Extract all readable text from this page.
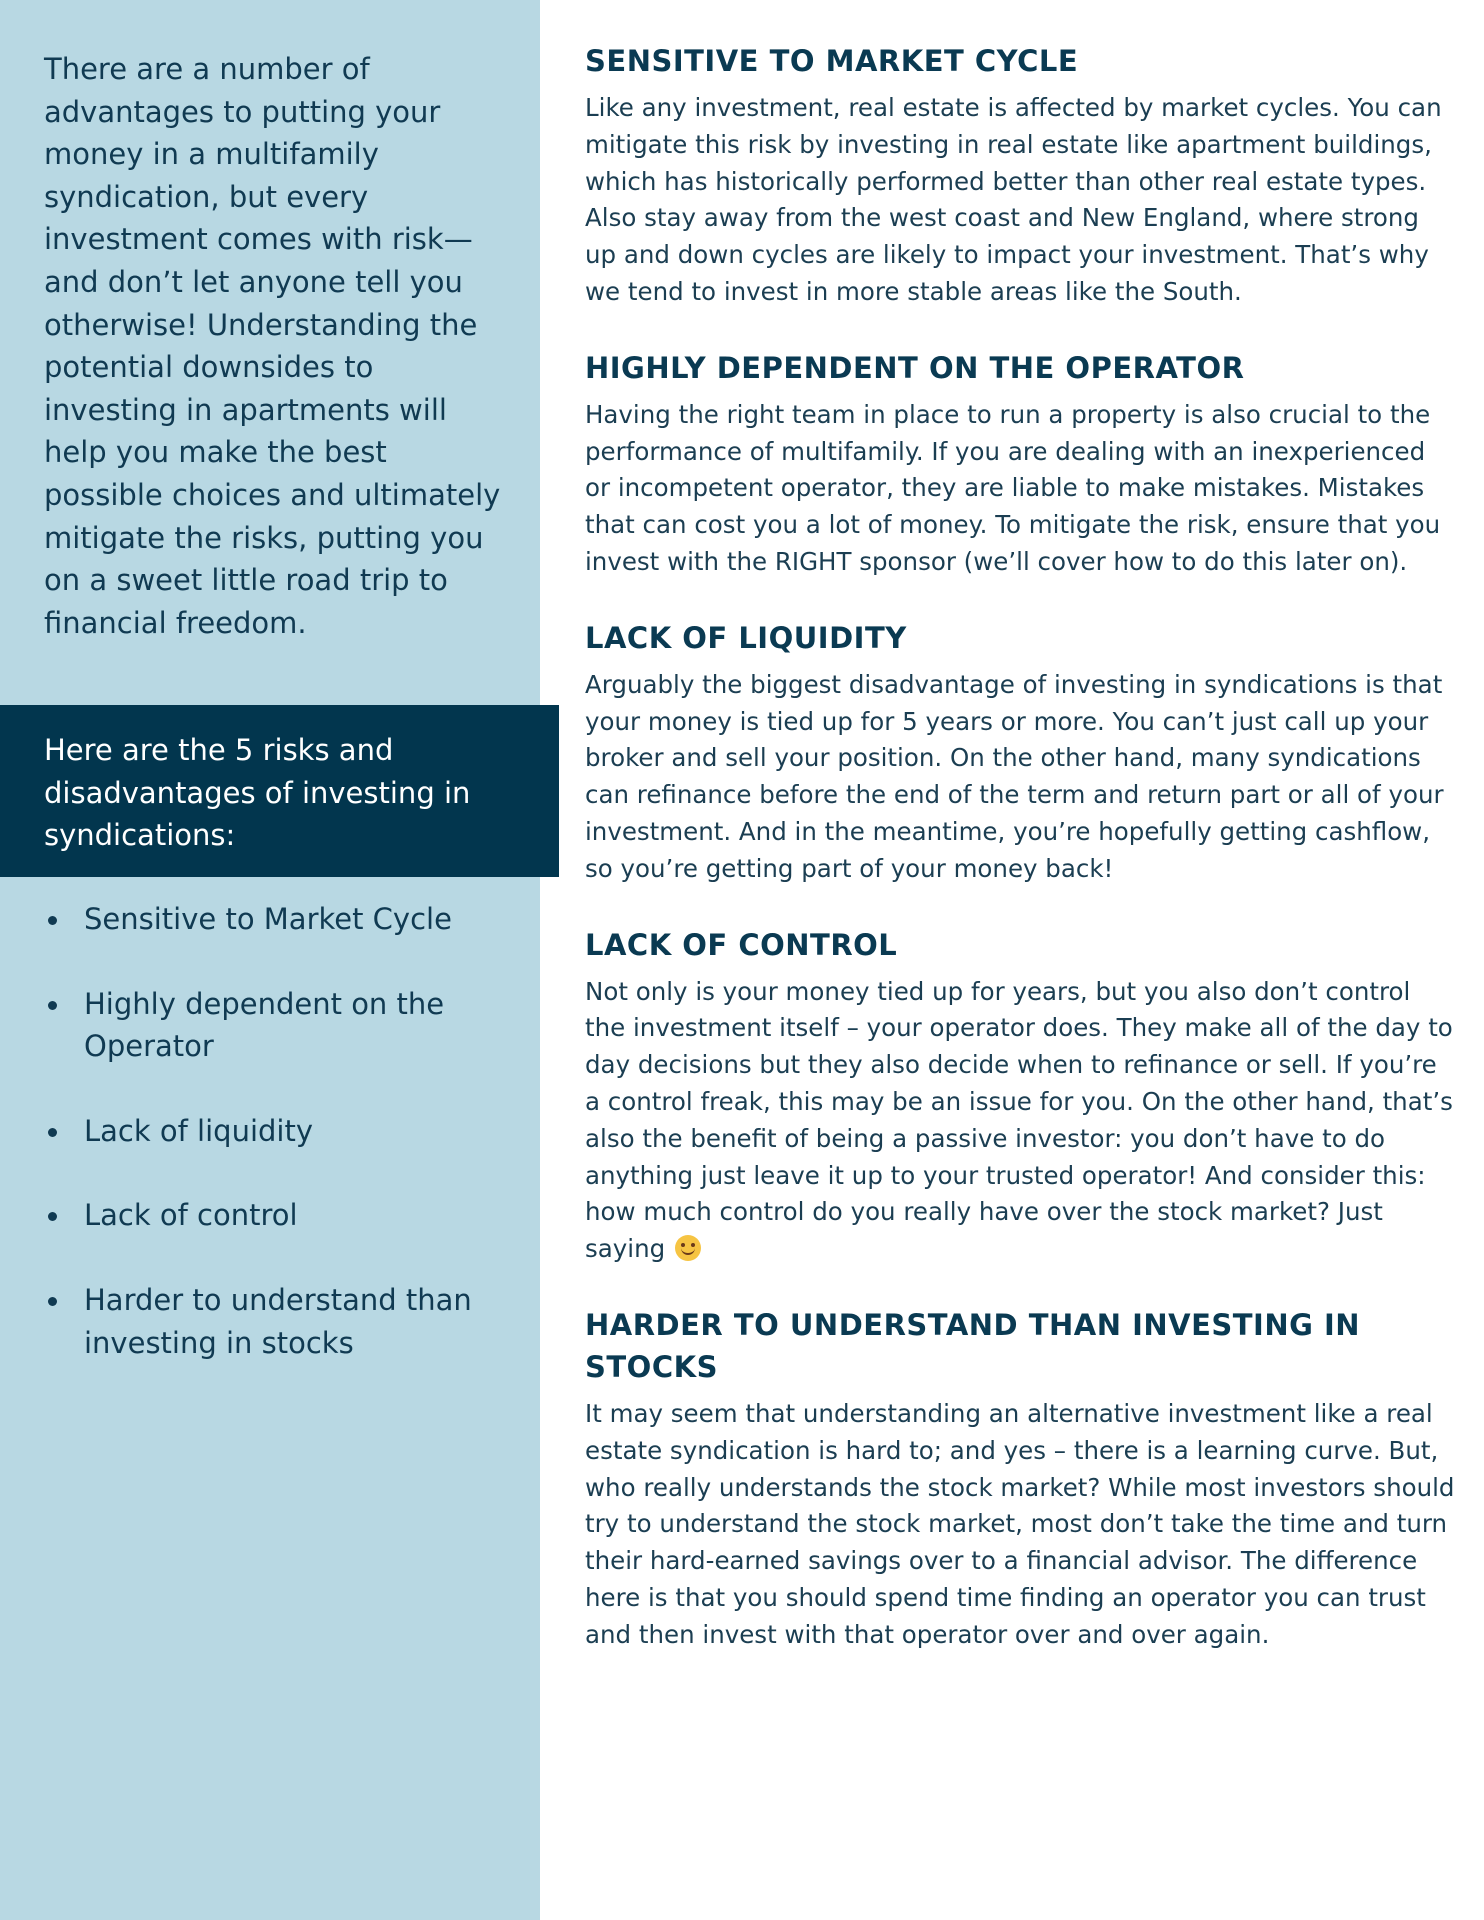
There are a number of advantages to putting your money in a multifamily syndication, but every investment comes with risk—and don’t let anyone tell you otherwise! Understanding the potential downsides to investing in apartments will help you make the best possible choices and ultimately mitigate the risks, putting you on a sweet little road trip to financial freedom.

Here are the 5 risks and disadvantages of investing in syndications:
Sensitive to Market Cycle
Highly dependent on the Operator
Lack of liquidity
Lack of control
Harder to understand than investing in stocks
SENSITIVE TO MARKET CYCLE

Like any investment, real estate is affected by market cycles. You can mitigate this risk by investing in real estate like apartment buildings, which has historically performed better than other real estate types. Also stay away from the west coast and New England, where strong up and down cycles are likely to impact your investment. That’s why we tend to invest in more stable areas like the South.

HIGHLY DEPENDENT ON THE OPERATOR

Having the right team in place to run a property is also crucial to the performance of multifamily. If you are dealing with an inexperienced or incompetent operator, they are liable to make mistakes. Mistakes that can cost you a lot of money. To mitigate the risk, ensure that you invest with the RIGHT sponsor (we’ll cover how to do this later on).

LACK OF LIQUIDITY

Arguably the biggest disadvantage of investing in syndications is that your money is tied up for 5 years or more. You can’t just call up your broker and sell your position. On the other hand, many syndications can refinance before the end of the term and return part or all of your investment. And in the meantime, you’re hopefully getting cashflow, so you’re getting part of your money back!

LACK OF CONTROL

Not only is your money tied up for years, but you also don’t control the investment itself – your operator does. They make all of the day to day decisions but they also decide when to refinance or sell. If you’re a control freak, this may be an issue for you. On the other hand, that’s also the benefit of being a passive investor: you don’t have to do anything just leave it up to your trusted operator! And consider this: how much control do you really have over the stock market? Just saying

HARDER TO UNDERSTAND THAN INVESTING IN STOCKS

It may seem that understanding an alternative investment like a real estate syndication is hard to; and yes – there is a learning curve. But, who really understands the stock market? While most investors should try to understand the stock market, most don’t take the time and turn their hard-earned savings over to a financial advisor. The difference here is that you should spend time finding an operator you can trust and then invest with that operator over and over again.
